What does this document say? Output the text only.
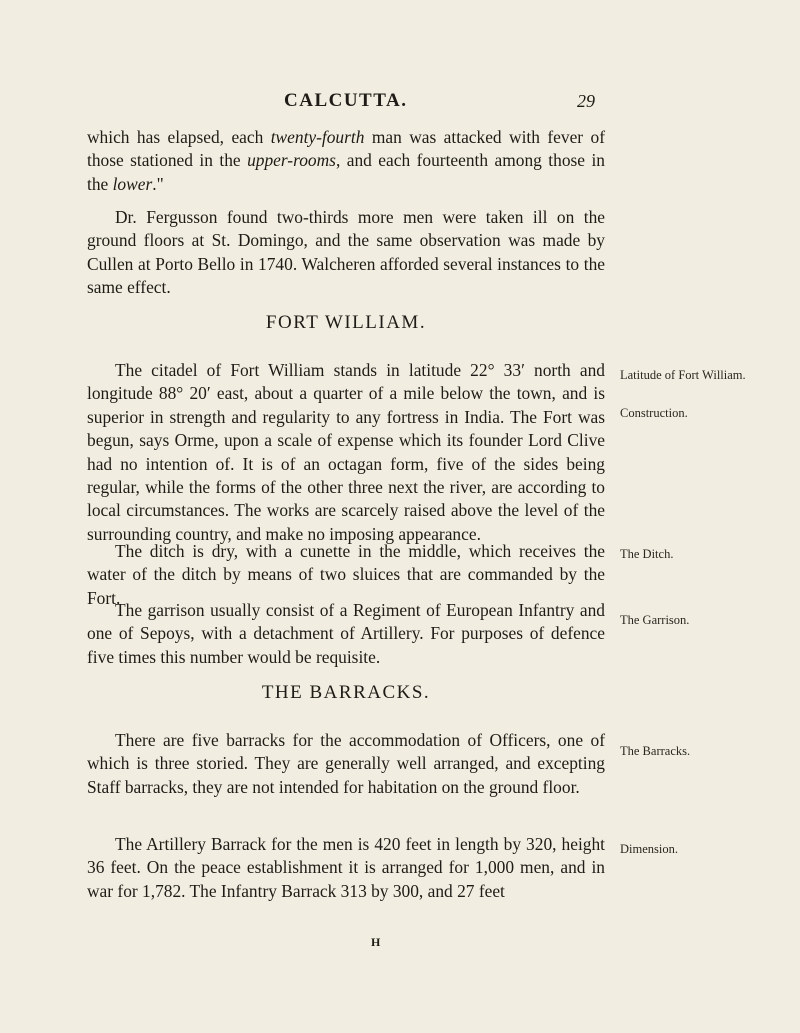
CALCUTTA.	29

which has elapsed, each twenty-fourth man was attacked with fever of those stationed in the upper-rooms, and each fourteenth among those in the lower."

Dr. Fergusson found two-thirds more men were taken ill on the ground floors at St. Domingo, and the same observation was made by Cullen at Porto Bello in 1740. Walcheren afforded several instances to the same effect.

FORT WILLIAM.

The citadel of Fort William stands in latitude 22° 33′ north and longitude 88° 20′ east, about a quarter of a mile below the town, and is superior in strength and regularity to any fortress in India. The Fort was begun, says Orme, upon a scale of expense which its founder Lord Clive had no intention of. It is of an octagan form, five of the sides being regular, while the forms of the other three next the river, are according to local circumstances. The works are scarcely raised above the level of the surrounding country, and make no imposing appearance.

The ditch is dry, with a cunette in the middle, which receives the water of the ditch by means of two sluices that are commanded by the Fort.

The garrison usually consist of a Regiment of European Infantry and one of Sepoys, with a detachment of Artillery. For purposes of defence five times this number would be requisite.

THE BARRACKS.

There are five barracks for the accommodation of Officers, one of which is three storied. They are generally well arranged, and excepting Staff barracks, they are not intended for habitation on the ground floor.

The Artillery Barrack for the men is 420 feet in length by 320, height 36 feet. On the peace establishment it is arranged for 1,000 men, and in war for 1,782. The Infantry Barrack 313 by 300, and 27 feet

H
Latitude of Fort William.
Construction.
The Ditch.
The Garrison.
The Barracks.
Dimension.
